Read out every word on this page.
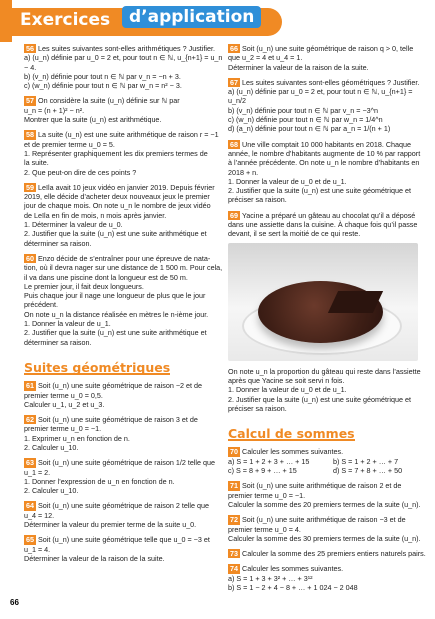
Exercices	d’application
56 Les suites suivantes sont-elles arithmétiques ? Justifier.
a) (u_n) définie par u_0 = 2 et, pour tout n ∈ ℕ, u_{n+1} = u_n − 4.
b) (v_n) définie pour tout n ∈ ℕ par v_n = −n + 3.
c) (w_n) définie pour tout n ∈ ℕ par w_n = n² − 3.
57 On considère la suite (u_n) définie sur ℕ par
u_n = (n + 1)² − n².
Montrer que la suite (u_n) est arithmétique.
58 La suite (u_n) est une suite arithmétique de raison r = −1
et de premier terme u_0 = 5.
1. Représenter graphiquement les dix premiers termes de
la suite.
2. Que peut-on dire de ces points ?
59 Leïla avait 10 jeux vidéo en janvier 2019. Depuis février
2019, elle décide d’acheter deux nouveaux jeux le premier
jour de chaque mois. On note u_n le nombre de jeux vidéo
de Leïla en fin de mois, n mois après janvier.
1. Déterminer la valeur de u_0.
2. Justifier que la suite (u_n) est une suite arithmétique et
déterminer sa raison.
60 Enzo décide de s’entraîner pour une épreuve de nata-
tion, où il devra nager sur une distance de 1 500 m. Pour cela,
il va dans une piscine dont la longueur est de 50 m.
Le premier jour, il fait deux longueurs.
Puis chaque jour il nage une longueur de plus que le jour
précédent.
On note u_n la distance réalisée en mètres le n-ième jour.
1. Donner la valeur de u_1.
2. Justifier que la suite (u_n) est une suite arithmétique et
déterminer sa raison.
Suites géométriques
61 Soit (u_n) une suite géométrique de raison −2 et de
premier terme u_0 = 0,5.
Calculer u_1, u_2 et u_3.
62 Soit (u_n) une suite géométrique de raison 3 et de
premier terme u_0 = −1.
1. Exprimer u_n en fonction de n.
2. Calculer u_10.
63 Soit (u_n) une suite géométrique de raison 1/2 telle que
u_1 = 2.
1. Donner l’expression de u_n en fonction de n.
2. Calculer u_10.
64 Soit (u_n) une suite géométrique de raison 2 telle que
u_4 = 12.
Déterminer la valeur du premier terme de la suite u_0.
65 Soit (u_n) une suite géométrique telle que u_0 = −3 et
u_1 = 4.
Déterminer la valeur de la raison de la suite.
66 Soit (u_n) une suite géométrique de raison q > 0, telle
que u_2 = 4 et u_4 = 1.
Déterminer la valeur de la raison de la suite.
67 Les suites suivantes sont-elles géométriques ? Justifier.
a) (u_n) définie par u_0 = 2 et, pour tout n ∈ ℕ, u_{n+1} = u_n/2
b) (v_n) définie pour tout n ∈ ℕ par v_n = −3^n
c) (w_n) définie pour tout n ∈ ℕ par w_n = 1/4^n
d) (a_n) définie pour tout n ∈ ℕ par a_n = 1/(n + 1)
68 Une ville comptait 10 000 habitants en 2018. Chaque
année, le nombre d’habitants augmente de 10 % par rapport
à l’année précédente. On note u_n le nombre d’habitants en
2018 + n.
1. Donner la valeur de u_0 et de u_1.
2. Justifier que la suite (u_n) est une suite géométrique et
préciser sa raison.
69 Yacine a préparé un gâteau au chocolat qu’il a déposé
dans une assiette dans la cuisine. À chaque fois qu’il passe
devant, il se sert la moitié de ce qui reste.
On note u_n la proportion du gâteau qui reste dans l’assiette
après que Yacine se soit servi n fois.
1. Donner la valeur de u_0 et de u_1.
2. Justifier que la suite (u_n) est une suite géométrique et
préciser sa raison.
Calcul de sommes
70 Calculer les sommes suivantes.
a) S = 1 + 2 + 3 + … + 15	b) S = 1 + 2 + … + 7
c) S = 8 + 9 + … + 15	d) S = 7 + 8 + … + 50
71 Soit (u_n) une suite arithmétique de raison 2 et de
premier terme u_0 = −1.
Calculer la somme des 20 premiers termes de la suite (u_n).
72 Soit (u_n) une suite arithmétique de raison −3 et de
premier terme u_0 = 4.
Calculer la somme des 30 premiers termes de la suite (u_n).
73 Calculer la somme des 25 premiers entiers naturels pairs.
74 Calculer les sommes suivantes.
a) S = 1 + 3 + 3² + … + 3¹²
b) S = 1 − 2 + 4 − 8 + … + 1 024 − 2 048
66
